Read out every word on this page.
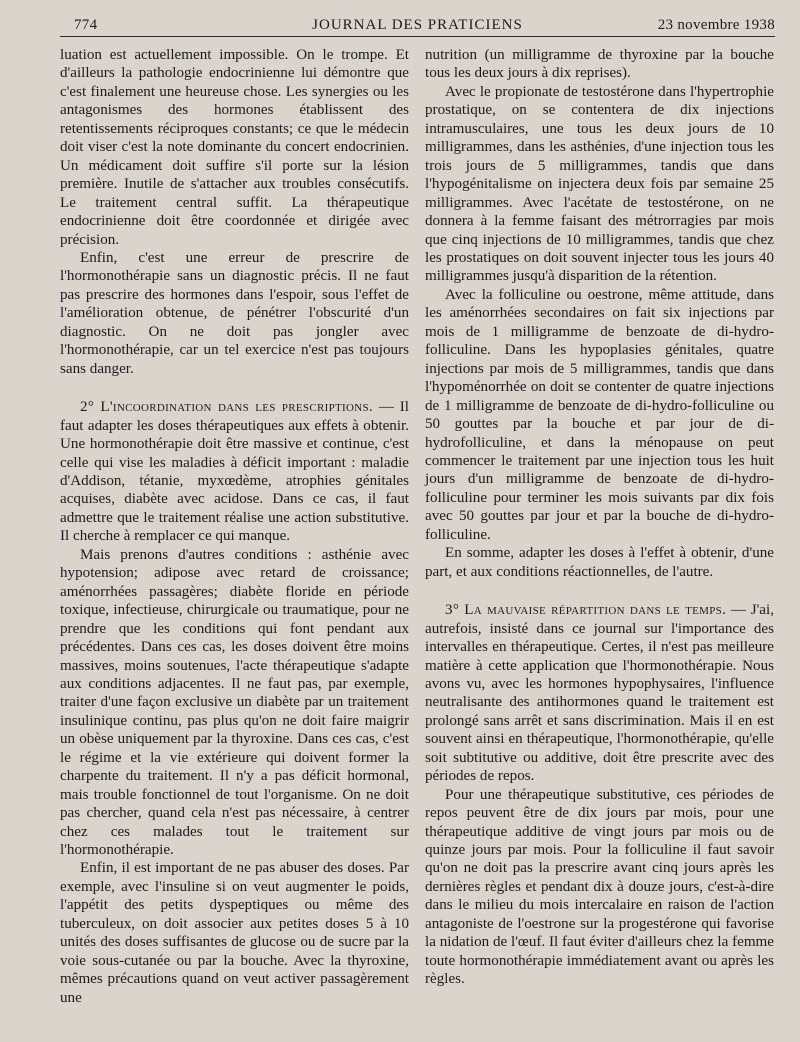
774	JOURNAL DES PRATICIENS	23 novembre 1938

luation est actuellement impossible. On le trompe. Et d'ailleurs la pathologie endocrinienne lui démontre que c'est finalement une heureuse chose. Les synergies ou les antagonismes des hormones établissent des retentissements réciproques constants; ce que le médecin doit viser c'est la note dominante du concert endocrinien. Un médicament doit suffire s'il porte sur la lésion première. Inutile de s'attacher aux troubles consécutifs. Le traitement central suffit. La thérapeutique endocrinienne doit être coordonnée et dirigée avec précision.

Enfin, c'est une erreur de prescrire de l'hormonothérapie sans un diagnostic précis. Il ne faut pas prescrire des hormones dans l'espoir, sous l'effet de l'amélioration obtenue, de pénétrer l'obscurité d'un diagnostic. On ne doit pas jongler avec l'hormonothérapie, car un tel exercice n'est pas toujours sans danger.

2° L'incoordination dans les prescriptions. — Il faut adapter les doses thérapeutiques aux effets à obtenir. Une hormonothérapie doit être massive et continue, c'est celle qui vise les maladies à déficit important : maladie d'Addison, tétanie, myxœdème, atrophies génitales acquises, diabète avec acidose. Dans ce cas, il faut admettre que le traitement réalise une action substitutive. Il cherche à remplacer ce qui manque.

Mais prenons d'autres conditions : asthénie avec hypotension; adipose avec retard de croissance; aménorrhées passagères; diabète floride en période toxique, infectieuse, chirurgicale ou traumatique, pour ne prendre que les conditions qui font pendant aux précédentes. Dans ces cas, les doses doivent être moins massives, moins soutenues, l'acte thérapeutique s'adapte aux conditions adjacentes. Il ne faut pas, par exemple, traiter d'une façon exclusive un diabète par un traitement insulinique continu, pas plus qu'on ne doit faire maigrir un obèse uniquement par la thyroxine. Dans ces cas, c'est le régime et la vie extérieure qui doivent former la charpente du traitement. Il n'y a pas déficit hormonal, mais trouble fonctionnel de tout l'organisme. On ne doit pas chercher, quand cela n'est pas nécessaire, à centrer chez ces malades tout le traitement sur l'hormonothérapie.

Enfin, il est important de ne pas abuser des doses. Par exemple, avec l'insuline si on veut augmenter le poids, l'appétit des petits dyspeptiques ou même des tuberculeux, on doit associer aux petites doses 5 à 10 unités des doses suffisantes de glucose ou de sucre par la voie sous-cutanée ou par la bouche. Avec la thyroxine, mêmes précautions quand on veut activer passagèrement une

nutrition (un milligramme de thyroxine par la bouche tous les deux jours à dix reprises).

Avec le propionate de testostérone dans l'hypertrophie prostatique, on se contentera de dix injections intramusculaires, une tous les deux jours de 10 milligrammes, dans les asthénies, d'une injection tous les trois jours de 5 milligrammes, tandis que dans l'hypogénitalisme on injectera deux fois par semaine 25 milligrammes. Avec l'acétate de testostérone, on ne donnera à la femme faisant des métrorragies par mois que cinq injections de 10 milligrammes, tandis que chez les prostatiques on doit souvent injecter tous les jours 40 milligrammes jusqu'à disparition de la rétention.

Avec la folliculine ou oestrone, même attitude, dans les aménorrhées secondaires on fait six injections par mois de 1 milligramme de benzoate de di-hydro-folliculine. Dans les hypoplasies génitales, quatre injections par mois de 5 milligrammes, tandis que dans l'hypoménorrhée on doit se contenter de quatre injections de 1 milligramme de benzoate de di-hydro-folliculine ou 50 gouttes par la bouche et par jour de di-hydrofolliculine, et dans la ménopause on peut commencer le traitement par une injection tous les huit jours d'un milligramme de benzoate de di-hydro-folliculine pour terminer les mois suivants par dix fois avec 50 gouttes par jour et par la bouche de di-hydro-folliculine.

En somme, adapter les doses à l'effet à obtenir, d'une part, et aux conditions réactionnelles, de l'autre.

3° La mauvaise répartition dans le temps. — J'ai, autrefois, insisté dans ce journal sur l'importance des intervalles en thérapeutique. Certes, il n'est pas meilleure matière à cette application que l'hormonothérapie. Nous avons vu, avec les hormones hypophysaires, l'influence neutralisante des antihormones quand le traitement est prolongé sans arrêt et sans discrimination. Mais il en est souvent ainsi en thérapeutique, l'hormonothérapie, qu'elle soit subtitutive ou additive, doit être prescrite avec des périodes de repos.

Pour une thérapeutique substitutive, ces périodes de repos peuvent être de dix jours par mois, pour une thérapeutique additive de vingt jours par mois ou de quinze jours par mois. Pour la folliculine il faut savoir qu'on ne doit pas la prescrire avant cinq jours après les dernières règles et pendant dix à douze jours, c'est-à-dire dans le milieu du mois intercalaire en raison de l'action antagoniste de l'oestrone sur la progestérone qui favorise la nidation de l'œuf. Il faut éviter d'ailleurs chez la femme toute hormonothérapie immédiatement avant ou après les règles.
